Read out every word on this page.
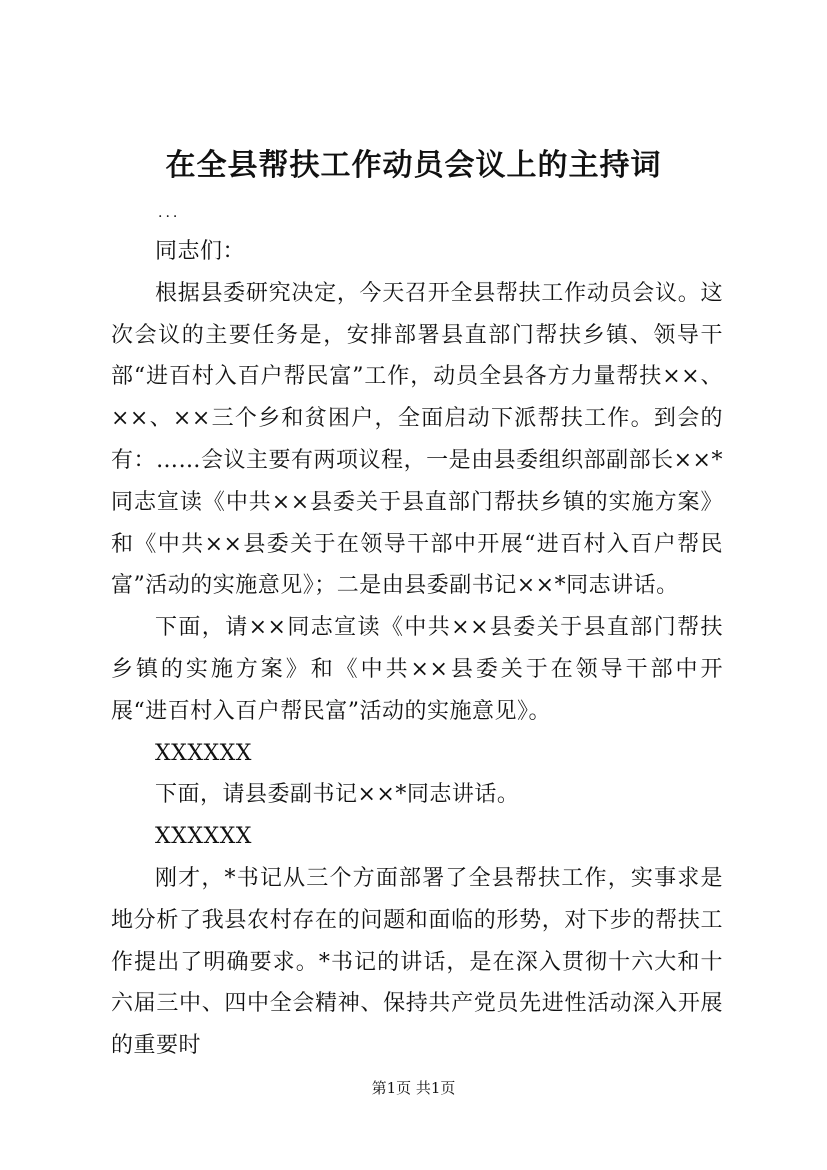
在全县帮扶工作动员会议上的主持词
...

同志们：

根据县委研究决定，今天召开全县帮扶工作动员会议。这次会议的主要任务是，安排部署县直部门帮扶乡镇、领导干部“进百村入百户帮民富”工作，动员全县各方力量帮扶××、××、××三个乡和贫困户，全面启动下派帮扶工作。到会的有：……会议主要有两项议程，一是由县委组织部副部长××*同志宣读《中共××县委关于县直部门帮扶乡镇的实施方案》和《中共××县委关于在领导干部中开展“进百村入百户帮民富”活动的实施意见》；二是由县委副书记××*同志讲话。

下面，请××同志宣读《中共××县委关于县直部门帮扶乡镇的实施方案》和《中共××县委关于在领导干部中开展“进百村入百户帮民富”活动的实施意见》。

XXXXXX

下面，请县委副书记××*同志讲话。

XXXXXX

刚才，*书记从三个方面部署了全县帮扶工作，实事求是地分析了我县农村存在的问题和面临的形势，对下步的帮扶工作提出了明确要求。*书记的讲话，是在深入贯彻十六大和十六届三中、四中全会精神、保持共产党员先进性活动深入开展的重要时

第1页 共1页
